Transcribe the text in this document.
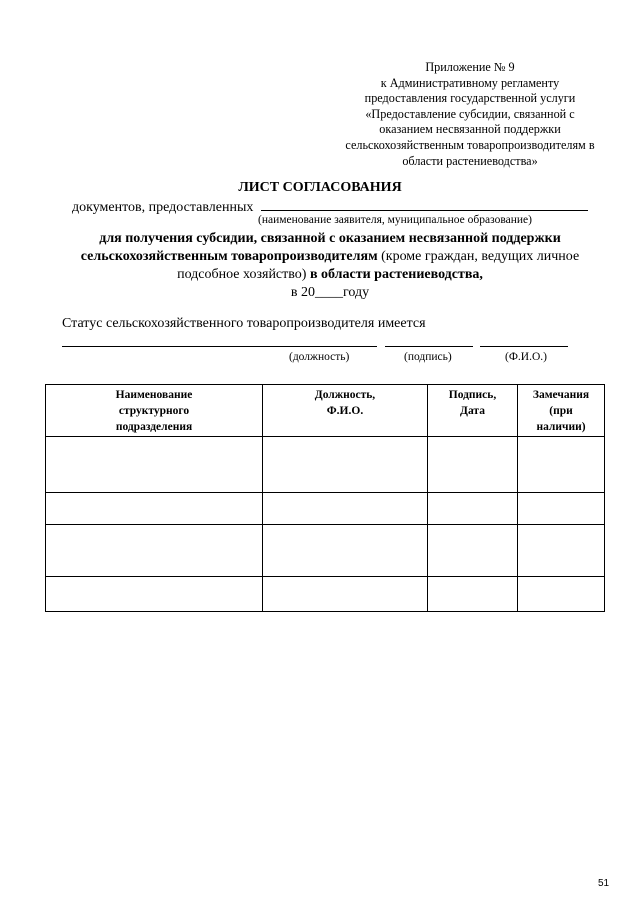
Приложение № 9
к Административному регламенту
предоставления государственной услуги
«Предоставление субсидии, связанной с
оказанием несвязанной поддержки
сельскохозяйственным товаропроизводителям в
области растениеводства»
ЛИСТ СОГЛАСОВАНИЯ
документов, предоставленных
(наименование заявителя, муниципальное образование)
для получения субсидии, связанной с оказанием несвязанной поддержки
сельскохозяйственным товаропроизводителям (кроме граждан, ведущих личное
подсобное хозяйство) в области растениеводства,
в 20____году
Статус сельскохозяйственного товаропроизводителя имеется
(должность)	(подпись)	(Ф.И.О.)
Наименование структурного подразделения	Должность, Ф.И.О.	Подпись, Дата	Замечания (при наличии)

51
